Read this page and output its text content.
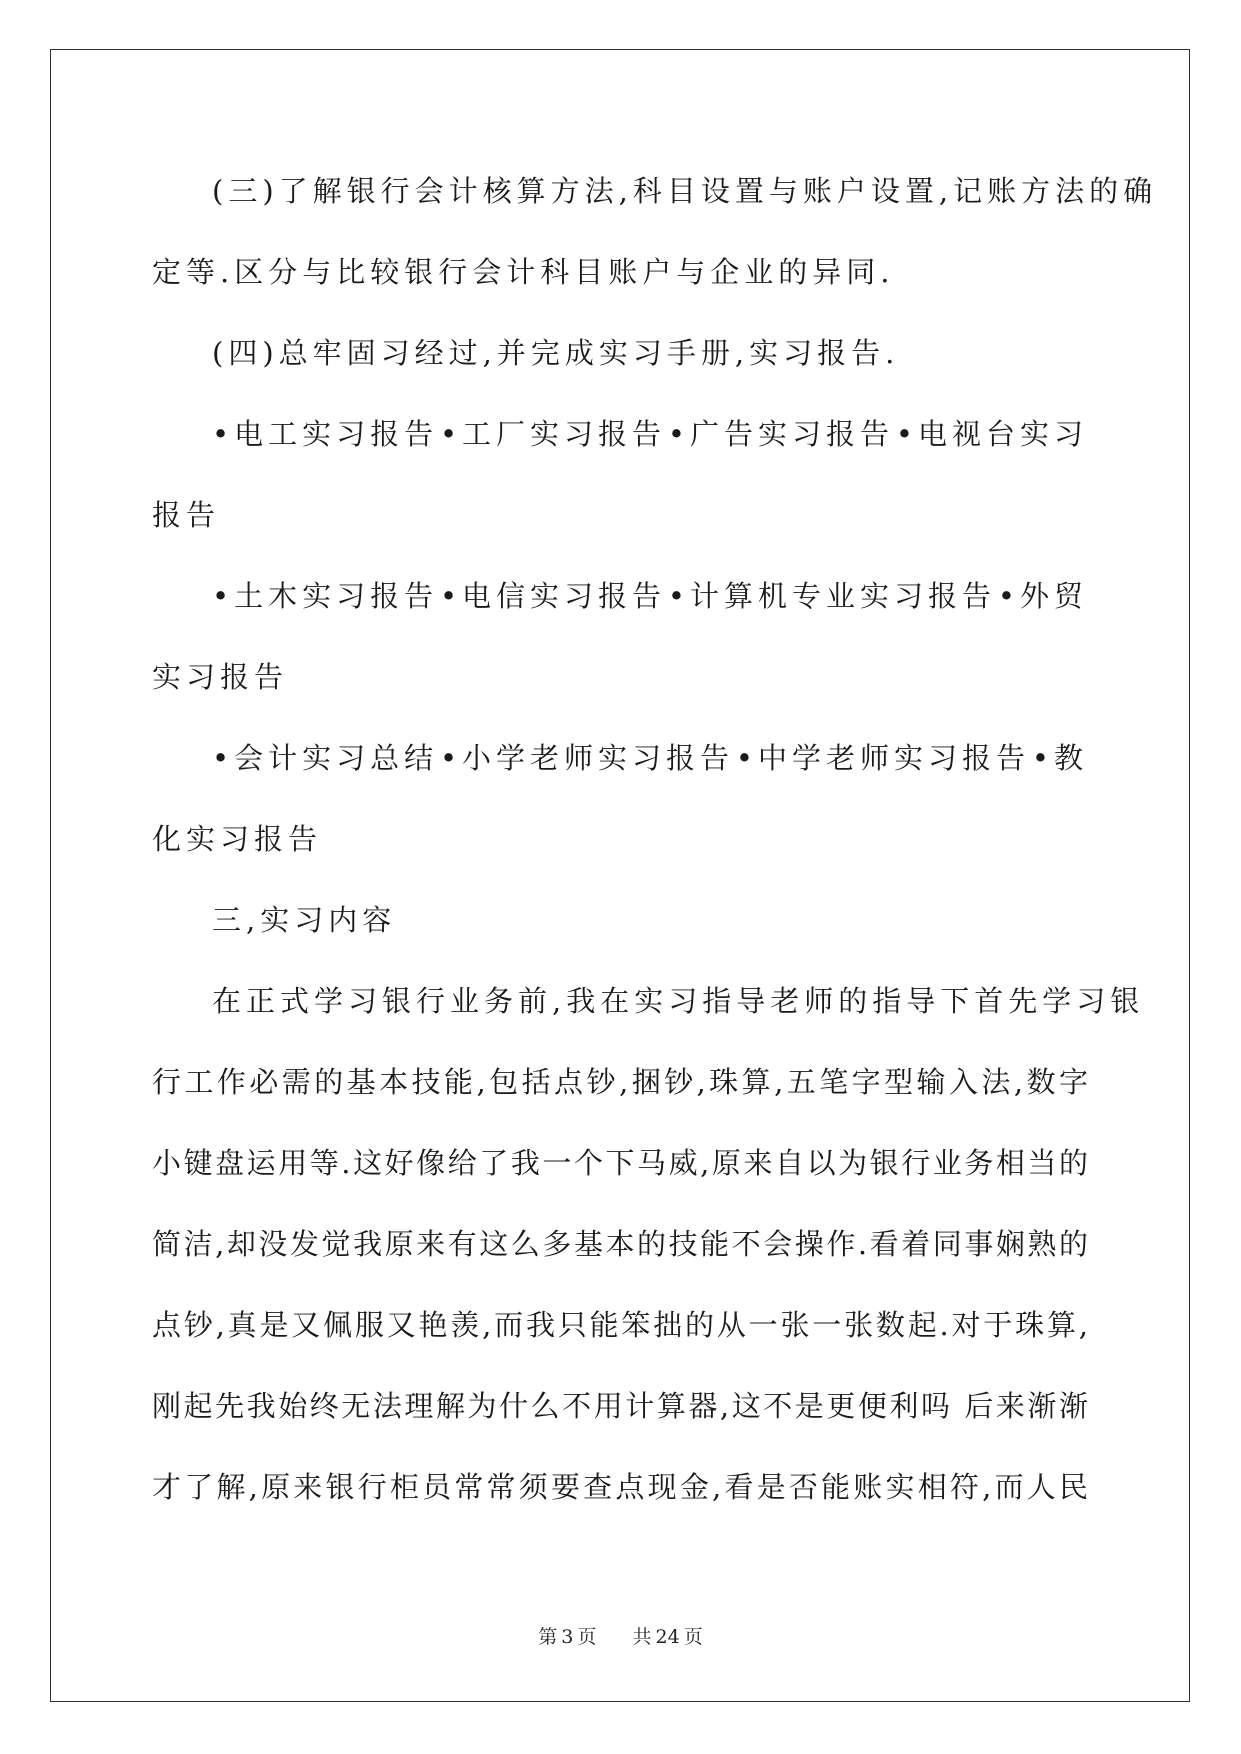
(三)了解银行会计核算方法,科目设置与账户设置,记账方法的确
定等.区分与比较银行会计科目账户与企业的异同.
(四)总牢固习经过,并完成实习手册,实习报告.
•电工实习报告 •工厂实习报告 •广告实习报告 •电视台实习
报告
•土木实习报告 •电信实习报告 •计算机专业实习报告 •外贸
实习报告
•会计实习总结 •小学老师实习报告 •中学老师实习报告 •教
化实习报告
三,实习内容
在正式学习银行业务前,我在实习指导老师的指导下首先学习银
行工作必需的基本技能,包括点钞,捆钞,珠算,五笔字型输入法,数字
小键盘运用等.这好像给了我一个下马威,原来自以为银行业务相当的
简洁,却没发觉我原来有这么多基本的技能不会操作.看着同事娴熟的
点钞,真是又佩服又艳羡,而我只能笨拙的从一张一张数起.对于珠算,
刚起先我始终无法理解为什么不用计算器,这不是更便利吗 后来渐渐
才了解,原来银行柜员常常须要查点现金,看是否能账实相符,而人民
第 3 页 共 24 页
